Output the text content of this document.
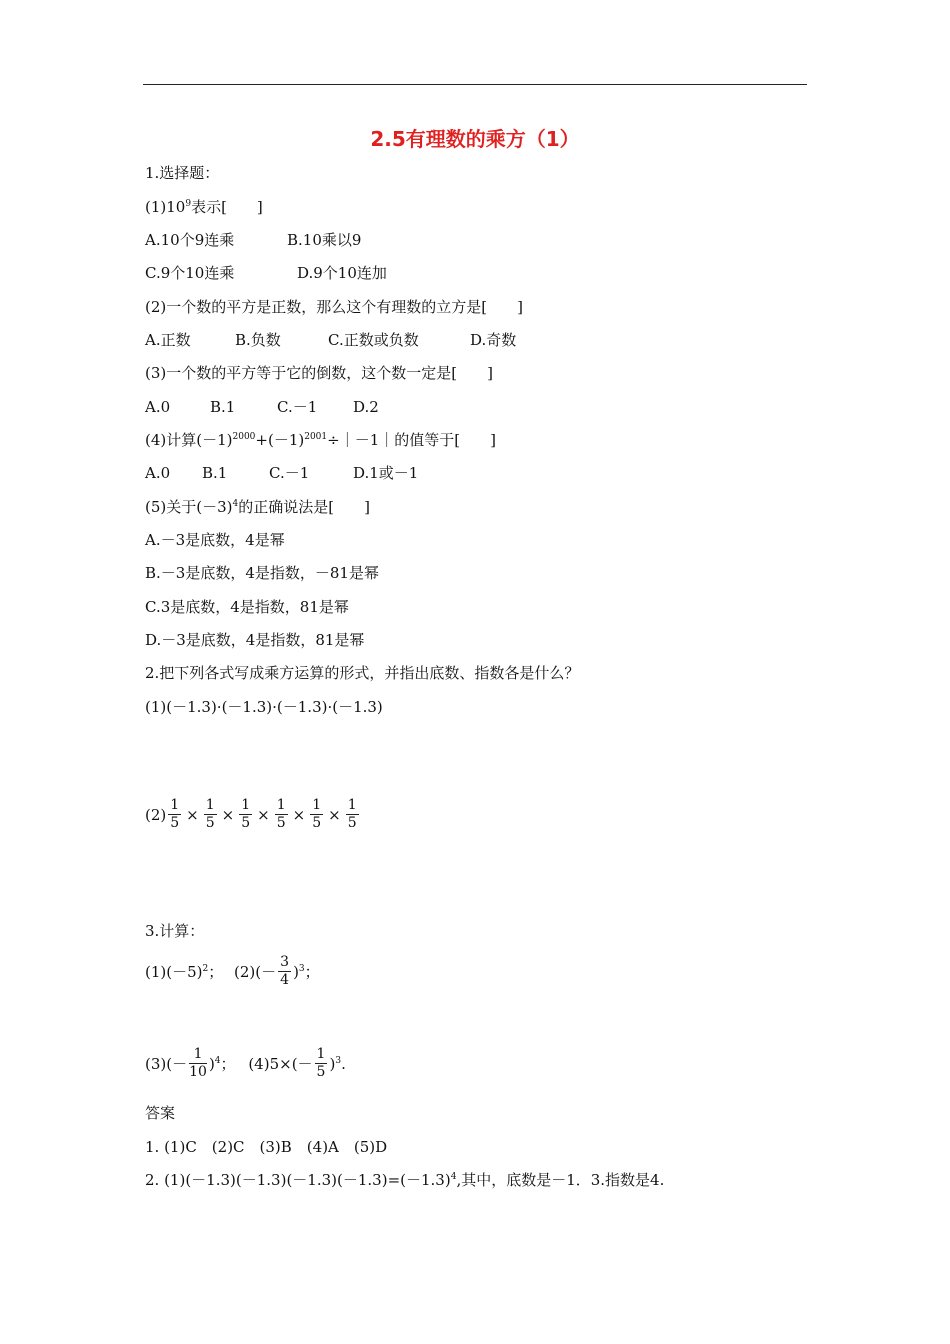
2.5有理数的乘方（1）
1.选择题：
$(1)10^9$表示[　　]
A.10个9连乘	B.10乘以9
C.9个10连乘	D.9个10连加
(2)一个数的平方是正数，那么这个有理数的立方是[　　]
A.正数	B.负数	C.正数或负数	D.奇数
(3)一个数的平方等于它的倒数，这个数一定是[　　]
A.0	B.1	C.－1 D.2
(4)计算$(-1)^{2000}+(-1)^{2001}\div|-1|$的值等于[　　]
A.0 B.1	C.－1	D.1或－1
(5)关于$(-3)^4$的正确说法是[　　]
A.－3是底数，4是幂
B.－3是底数，4是指数，－81是幂
C.3是底数，4是指数，81是幂
D.－3是底数，4是指数，81是幂
2.把下列各式写成乘方运算的形式，并指出底数、指数各是什么？
(1)(－1.3)·(－1.3)·(－1.3)·(－1.3)
$(2) \frac{1}{5} \times \frac{1}{5} \times \frac{1}{5} \times \frac{1}{5} \times \frac{1}{5} \times \frac{1}{5}$
3.计算：
$(1)(-5)^2$； $(2)(- \frac{3}{4} )^3$；
$(3)(- \frac{1}{10} )^4$； $(4)5\times(- \frac{1}{5} )^3$.
答案
1. (1)C　(2)C　(3)B　(4)A　(5)D
2. $(1)(-1.3)(-1.3)(-1.3)(-1.3)=(-1.3)^4$,其中，底数是－1．3.指数是4.
